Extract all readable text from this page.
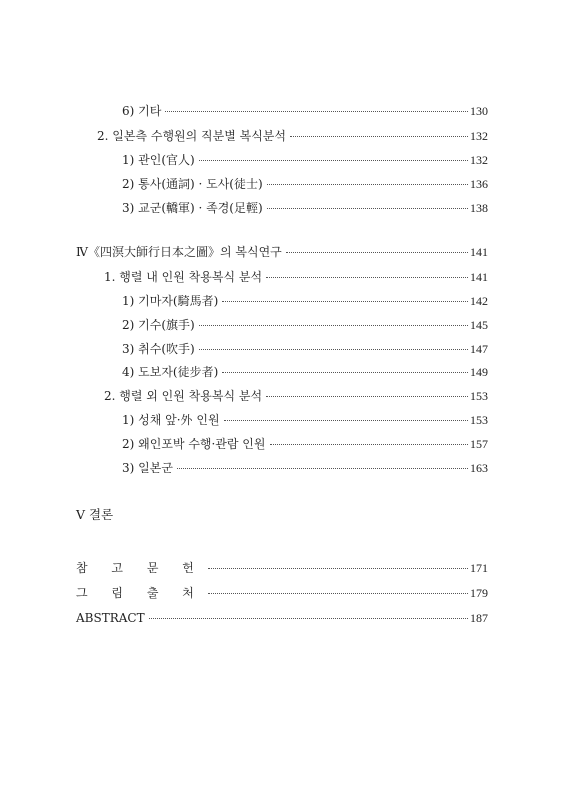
6) 기타	130
2. 일본측 수행원의 직분별 복식분석	132
1) 관인(官人)	132
2) 통사(通詞) · 도사(徒士)	136
3) 교군(轎軍) · 족경(足輕)	138
Ⅳ《四溟大師行日本之圖》의 복식연구	141
1. 행렬 내 인원 착용복식 분석	141
1) 기마자(騎馬者)	142
2) 기수(旗手)	145
3) 취수(吹手)	147
4) 도보자(徒步者)	149
2. 행렬 외 인원 착용복식 분석	153
1) 성채 앞·外 인원	153
2) 왜인포박 수행·관람 인원	157
3) 일본군	163
Ⅴ 결론
참 고 문 헌	171
그 림 출 처	179
ABSTRACT	187
